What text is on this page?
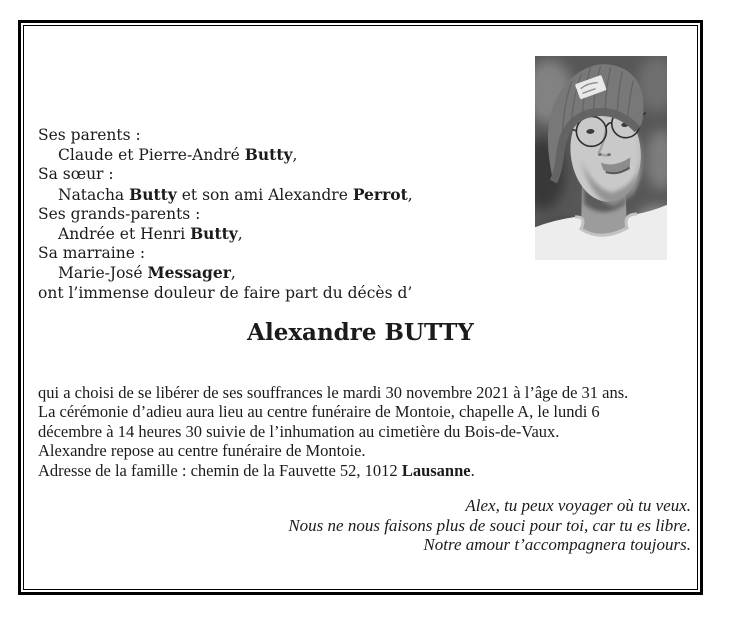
Ses parents :
Claude et Pierre-André Butty,
Sa sœur :
Natacha Butty et son ami Alexandre Perrot,
Ses grands-parents :
Andrée et Henri Butty,
Sa marraine :
Marie-José Messager,
ont l’immense douleur de faire part du décès d’
Alexandre BUTTY
qui a choisi de se libérer de ses souffrances le mardi 30 novembre 2021 à l’âge de 31 ans.
La cérémonie d’adieu aura lieu au centre funéraire de Montoie, chapelle A, le lundi 6
décembre à 14 heures 30 suivie de l’inhumation au cimetière du Bois-de-Vaux.
Alexandre repose au centre funéraire de Montoie.
Adresse de la famille : chemin de la Fauvette 52, 1012 Lausanne.
Alex, tu peux voyager où tu veux.
Nous ne nous faisons plus de souci pour toi, car tu es libre.
Notre amour t’accompagnera toujours.
